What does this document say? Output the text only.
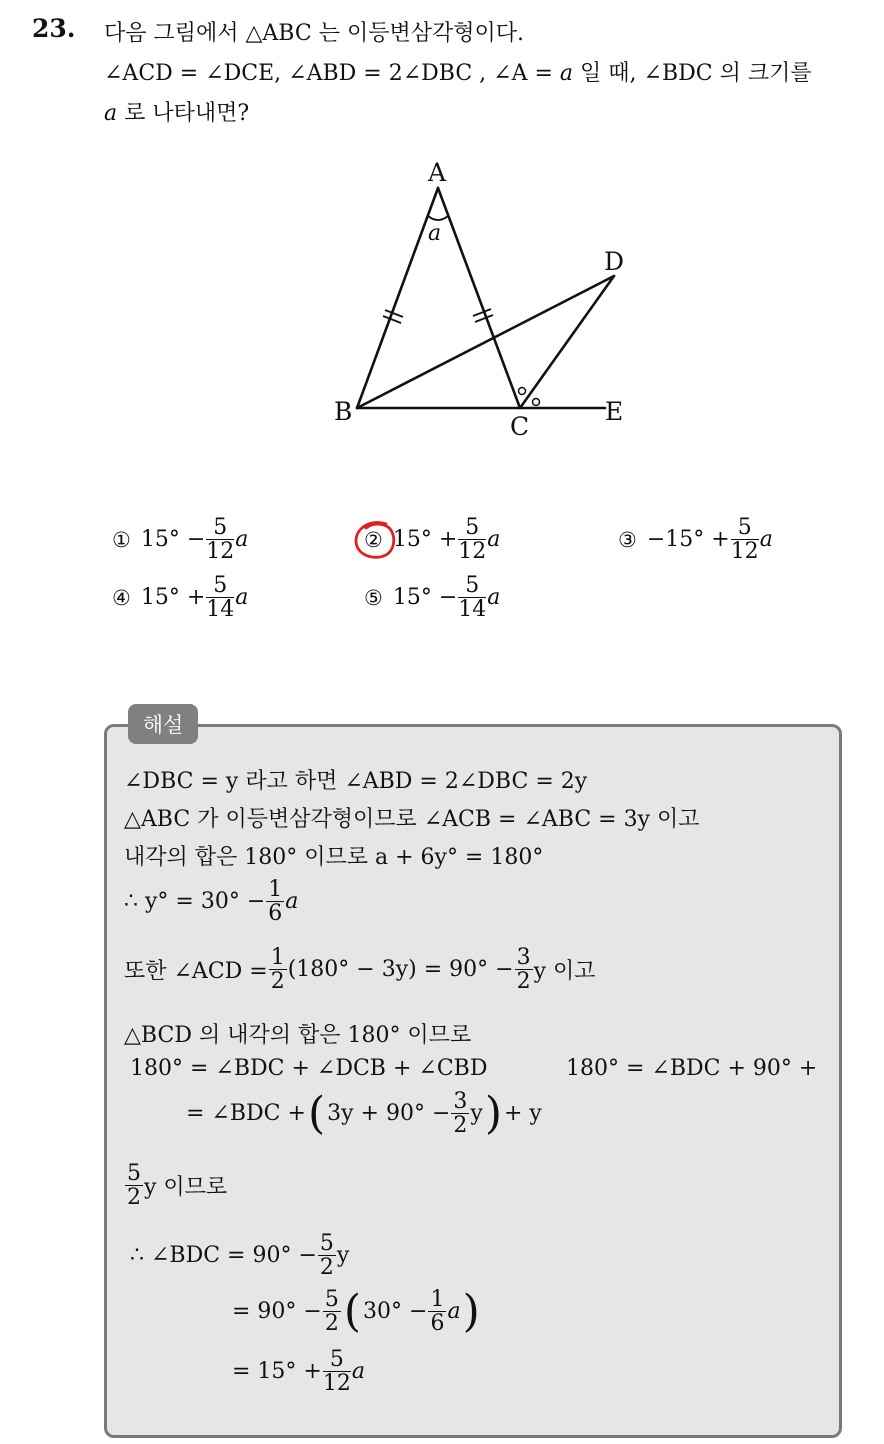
23. 다음 그림에서 △ABC 는 이등변삼각형이다.
∠ACD = ∠DCE, ∠ABD = 2∠DBC , ∠A = a 일 때, ∠BDC 의 크기를
a 로 나타내면?
A
B
C
D
E
a
① $15^\circ - \frac{5}{12}$ a	② $15^\circ + \frac{5}{12}$ a	③ $-15^\circ + \frac{5}{12}$ a
④ $15^\circ + \frac{5}{14}$ a	⑤ $15^\circ - \frac{5}{14}$ a
해설
∠DBC = y 라고 하면 ∠ABD = 2∠DBC = 2y
△ABC 가 이등변삼각형이므로 ∠ACB = ∠ABC = 3y 이고
내각의 합은 180° 이므로 a + 6y° = 180°
∴ $y^\circ = 30^\circ - \frac{1}{6}$ a
또한 ∠ACD = $\frac{1}{2} (180^\circ - 3y) = 90^\circ - \frac{3}{2}$ y 이고
△BCD 의 내각의 합은 180° 이므로
180° = ∠BDC + ∠DCB + ∠CBD	180° = ∠BDC + 90° +
= ∠BDC + ( $3y + 90^\circ - \frac{3}{2}$ y ) + y
$\frac{5}{2}$ y 이므로
∴ ∠BDC = $90^\circ - \frac{5}{2}$ y
= $90^\circ - \frac{5}{2}$ ( $30^\circ - \frac{1}{6}$ a )
= $15^\circ + \frac{5}{12}$ a
